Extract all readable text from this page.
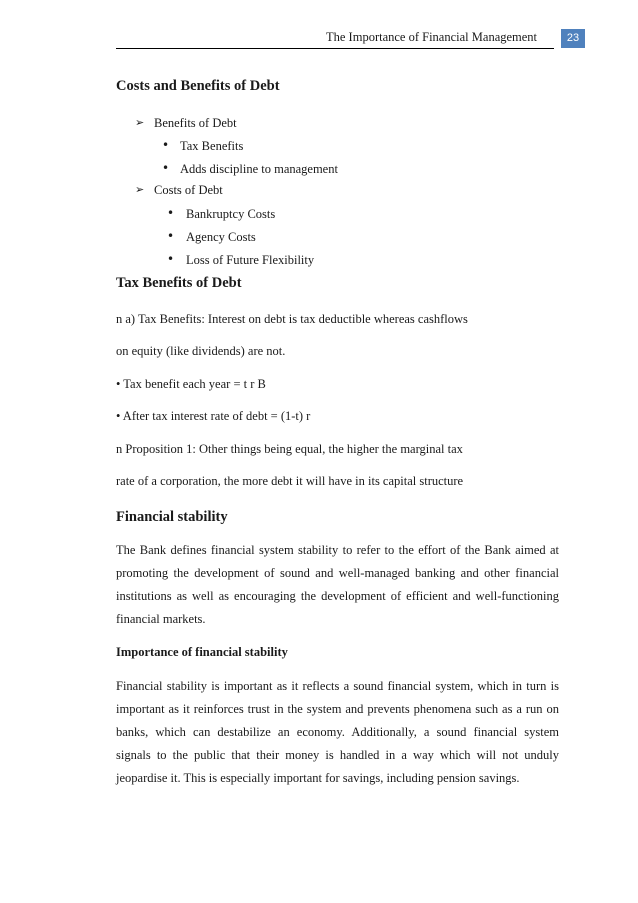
The Importance of Financial Management	23
Costs and Benefits of Debt
➢ Benefits of Debt
• Tax Benefits
• Adds discipline to management
➢ Costs of Debt
• Bankruptcy Costs
• Agency Costs
• Loss of Future Flexibility
Tax Benefits of Debt
n a) Tax Benefits: Interest on debt is tax deductible whereas cashflows
on equity (like dividends) are not.
• Tax benefit each year = t r B
• After tax interest rate of debt = (1-t) r
n Proposition 1: Other things being equal, the higher the marginal tax
rate of a corporation, the more debt it will have in its capital structure
Financial stability
The Bank defines financial system stability to refer to the effort of the Bank aimed at
promoting the development of sound and well-managed banking and other financial
institutions as well as encouraging the development of efficient and well-functioning
financial markets.
Importance of financial stability
Financial stability is important as it reflects a sound financial system, which in turn is
important as it reinforces trust in the system and prevents phenomena such as a run on
banks, which can destabilize an economy. Additionally, a sound financial system
signals to the public that their money is handled in a way which will not unduly
jeopardise it. This is especially important for savings, including pension savings.
